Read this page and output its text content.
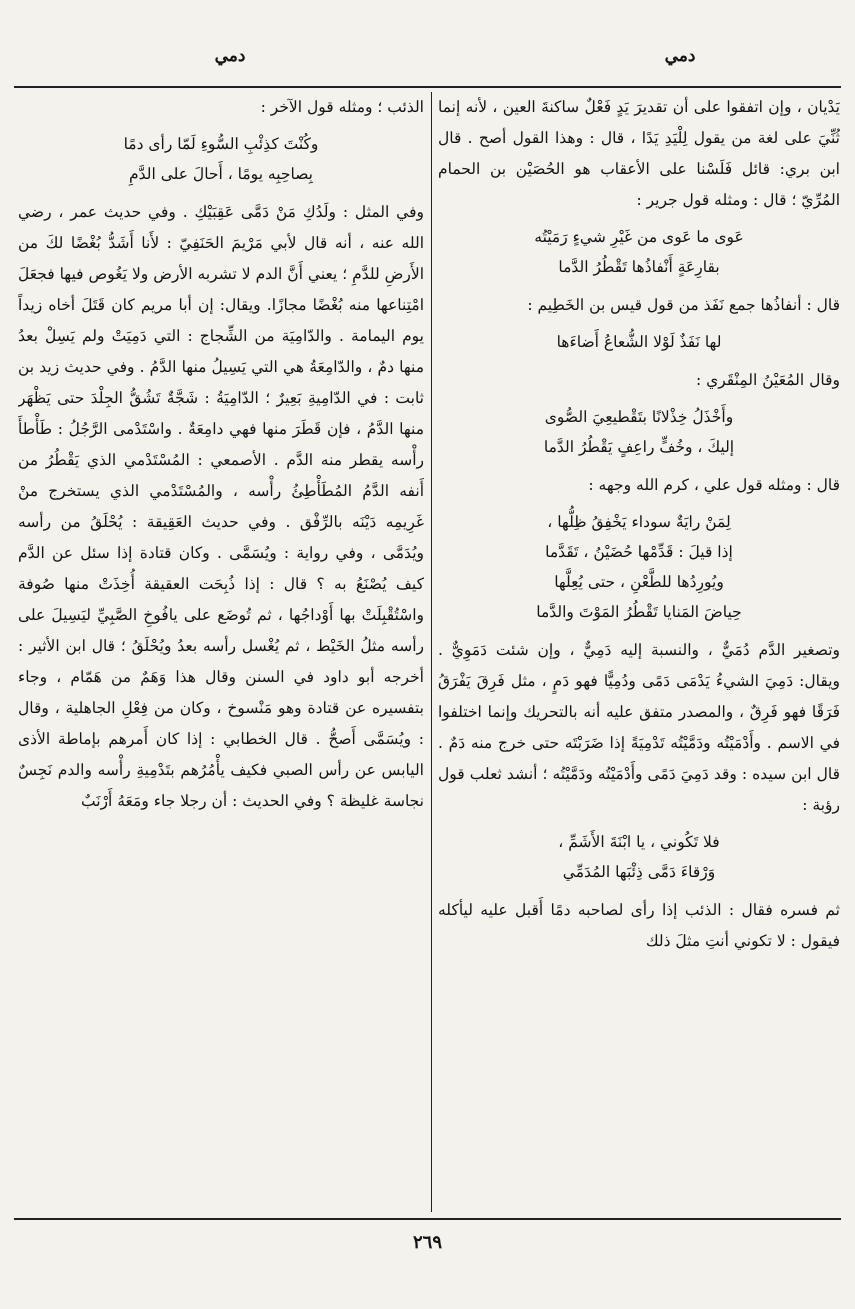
دمي
دمي

يَدْيان ، وإن اتفقوا على أن تقديرَ يَدٍ فَعْلٌ ساكنةَ العين ، لأنه إنما ثُنِّيَ على لغة من يقول لِلْيَدِ يَدًا ، قال : وهذا القول أصح . قال ابن بري: قائل فَلَسْنا على الأعقاب هو الحُصَيْن بن الحمام المُرِّيّ ؛ قال : ومثله قول جرير :

عَوى ما عَوى من غَيْرِ شيءٍ رَمَيْتُه
بقارِعَةٍ أَنْفاذُها تَقْطُرُ الدَّما

قال : أنفاذُها جمع نَفَذ من قول قيس بن الخَطِيم :

لها نَفَذٌ لَوْلا الشُّعاعُ أَضاءَها

وقال المُعَيْنُ المِنْقَري :

وأَخْذَلُ خِذْلانًا بتَقْطيعِيَ الصُّوى
إليكَ ، وخُفٍّ راعِفٍ يَقْطُرُ الدَّما

قال : ومثله قول علي ، كرم الله وجهه :

لِمَنْ رايَةٌ سوداء يَخْفِقُ ظِلُّها ،
إذا قيلَ : قَدِّمْها حُضَيْنُ ، تَقَدَّما
ويُورِدُها للطَّعْنِ ، حتى يُعِلَّها
حِياضَ المَنايا تَقْطُرُ المَوْتَ والدَّما

وتصغير الدَّم دُمَيٌّ ، والنسبة إليه دَمِيٌّ ، وإن شئت دَمَوِيٌّ . ويقال: دَمِيَ الشيءُ يَدْمَى دَمًى ودُمِيًّا فهو دَمٍ ، مثل فَرِقَ يَفْرَقُ فَرَقًا فهو فَرِقٌ ، والمصدر متفق عليه أنه بالتحريك وإنما اختلفوا في الاسم . وأَدْمَيْتُه ودَمَّيْتُه تَدْمِيَةً إذا ضَرَبْتَه حتى خرج منه دَمٌ . قال ابن سيده : وقد دَمِيَ دَمًى وأَدْمَيْتُه ودَمَّيْتُه ؛ أنشد ثعلب قول رؤبة :

فلا تَكُوني ، يا ابْنَةَ الأَشَمِّ ،
وَرْقاءَ دَمَّى ذِئْبَها المُدَمِّي

ثم فسره فقال : الذئب إذا رأى لصاحبه دمًا أَقبل عليه ليأكله فيقول : لا تكوني أنتِ مثلَ ذلك

الذئب ؛ ومثله قول الآخر :

وكُنْتَ كذِئْبِ السُّوءِ لَمّا رأى دمًا
بِصاحِبِه يومًا ، أَحالَ على الدَّمِ

وفي المثل : ولَدُكِ مَنْ دَمَّى عَقِبَيْكِ . وفي حديث عمر ، رضي الله عنه ، أنه قال لأبي مَرْيمَ الحَنَفِيّ : لأَنا أَشَدُّ بُغْضًا لكَ من الأَرضِ للدَّمِ ؛ يعني أَنَّ الدم لا تشربه الأرض ولا يَغُوص فيها فجعَلَ امْتِناعها منه بُغْضًا مجازًا. ويقال: إن أبا مريم كان قَتَلَ أخاه زيداً يوم اليمامة . والدّامِيَة من الشِّجاج : التي دَمِيَتْ ولم يَسِلْ بعدُ منها دمٌ ، والدّامِعَةُ هي التي يَسِيلُ منها الدَّمُ . وفي حديث زيد بن ثابت : في الدّامِيةِ بَعِيرٌ ؛ الدّامِيَةُ : شَجَّةٌ تَشُقُّ الجِلْدَ حتى يَظْهَر منها الدَّمُ ، فإن قَطَرَ منها فهي دامِعَةٌ . واسْتَدْمى الرَّجُلُ : طَأْطأَ رأْسه يقطر منه الدَّم . الأصمعي : المُسْتَدْمي الذي يَقْطُرُ من أَنفه الدَّمُ المُطَأْطِئُ رأْسه ، والمُسْتَدْمي الذي يستخرج منْ غَرِيمِه دَيْنَه بالرِّفْق . وفي حديث العَقِيقة : يُحْلَقُ من رأسه ويُدَمَّى ، وفي رواية : ويُسَمَّى . وكان قتادة إذا سئل عن الدَّم كيف يُصْنَعُ به ؟ قال : إذا ذُبِحَت العقيقة أُخِذَتْ منها صُوفة واسْتُقْبِلَتْ بها أَوْداجُها ، ثم تُوضَع على يافُوخِ الصَّبِيِّ ليَسِيلَ على رأسه مثلُ الخَيْط ، ثم يُغْسل رأسه بعدُ ويُحْلَقُ ؛ قال ابن الأثير : أخرجه أبو داود في السنن وقال هذا وَهَمٌ من هَمّام ، وجاء بتفسيره عن قتادة وهو مَنْسوخ ، وكان من فِعْلِ الجاهلية ، وقال : ويُسَمَّى أَصحُّ . قال الخطابي : إذا كان أَمرهم بإماطة الأذى اليابس عن رأس الصبي فكيف يأْمُرُهم بتَدْمِيةِ رأْسه والدم نَجِسٌ نجاسة غليظة ؟ وفي الحديث : أن رجلا جاء ومَعَهُ أَرْنَبٌ

٢٦٩
